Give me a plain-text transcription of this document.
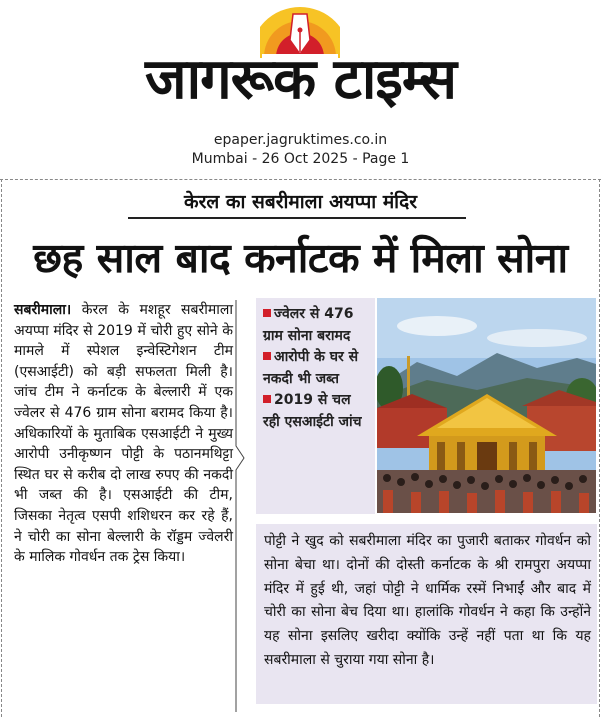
जागरूक टाइम्स
epaper.jagruktimes.co.in
Mumbai - 26 Oct 2025 - Page 1
केरल का सबरीमाला अयप्पा मंदिर
छह साल बाद कर्नाटक में मिला सोना
सबरीमाला। केरल के मशहूर सबरीमाला अयप्पा मंदिर से 2019 में चोरी हुए सोने के मामले में स्पेशल इन्वेस्टिगेशन टीम (एसआईटी) को बड़ी सफलता मिली है। जांच टीम ने कर्नाटक के बेल्लारी में एक ज्वेलर से 476 ग्राम सोना बरामद किया है। अधिकारियों के मुताबिक एसआईटी ने मुख्य आरोपी उनीकृष्णन पोट्टी के पठानमथिट्टा स्थित घर से करीब दो लाख रुपए की नकदी भी जब्त की है। एसआईटी की टीम, जिसका नेतृत्व एसपी शशिधरन कर रहे हैं, ने चोरी का सोना बेल्लारी के रॉड्डम ज्वेलरी के मालिक गोवर्धन तक ट्रेस किया।
ज्वेलर से 476 ग्राम सोना बरामद
आरोपी के घर से नकदी भी जब्त
2019 से चल रही एसआईटी जांच
पोट्टी ने खुद को सबरीमाला मंदिर का पुजारी बताकर गोवर्धन को सोना बेचा था। दोनों की दोस्ती कर्नाटक के श्री रामपुरा अयप्पा मंदिर में हुई थी, जहां पोट्टी ने धार्मिक रस्में निभाईं और बाद में चोरी का सोना बेच दिया था। हालांकि गोवर्धन ने कहा कि उन्होंने यह सोना इसलिए खरीदा क्योंकि उन्हें नहीं पता था कि यह सबरीमाला से चुराया गया सोना है।
